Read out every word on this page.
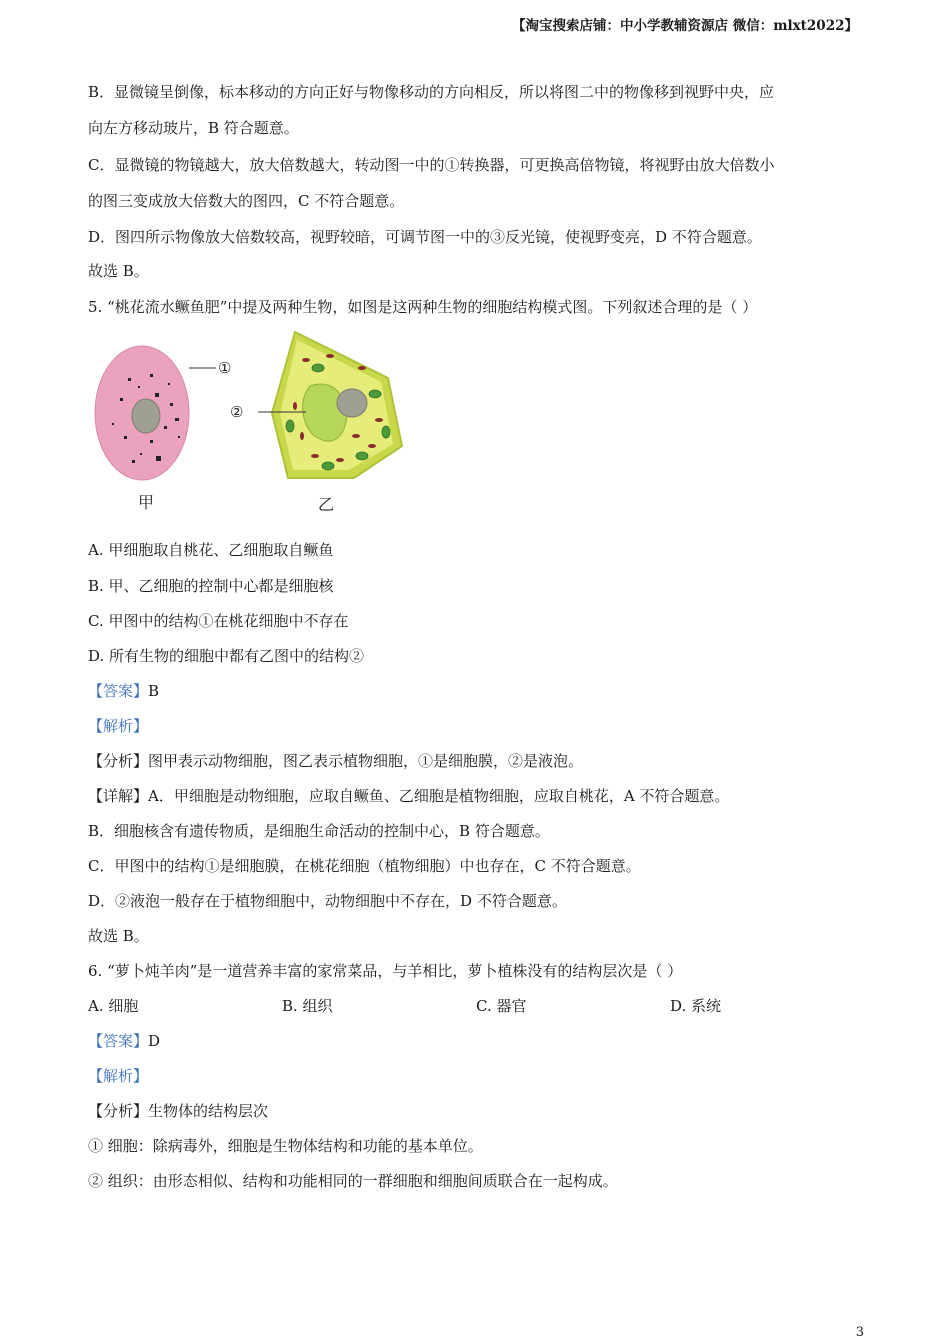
【淘宝搜索店铺：中小学教辅资源店 微信：mlxt2022】
B．显微镜呈倒像，标本移动的方向正好与物像移动的方向相反，所以将图二中的物像移到视野中央，应
向左方移动玻片，B 符合题意。
C．显微镜的物镜越大，放大倍数越大，转动图一中的①转换器，可更换高倍物镜，将视野由放大倍数小
的图三变成放大倍数大的图四，C 不符合题意。
D．图四所示物像放大倍数较高，视野较暗，可调节图一中的③反光镜，使视野变亮，D 不符合题意。
故选 B。
5. “桃花流水鳜鱼肥”中提及两种生物，如图是这两种生物的细胞结构模式图。下列叙述合理的是（ ）
①
甲
②
乙
A. 甲细胞取自桃花、乙细胞取自鳜鱼
B. 甲、乙细胞的控制中心都是细胞核
C. 甲图中的结构①在桃花细胞中不存在
D. 所有生物的细胞中都有乙图中的结构②
【答案】B
【解析】
【分析】图甲表示动物细胞，图乙表示植物细胞，①是细胞膜，②是液泡。
【详解】A．甲细胞是动物细胞，应取自鳜鱼、乙细胞是植物细胞，应取自桃花，A 不符合题意。
B．细胞核含有遗传物质，是细胞生命活动的控制中心，B 符合题意。
C．甲图中的结构①是细胞膜，在桃花细胞（植物细胞）中也存在，C 不符合题意。
D．②液泡一般存在于植物细胞中，动物细胞中不存在，D 不符合题意。
故选 B。
6. “萝卜炖羊肉”是一道营养丰富的家常菜品，与羊相比，萝卜植株没有的结构层次是（ ）
A. 细胞	B. 组织	C. 器官	D. 系统
【答案】D
【解析】
【分析】生物体的结构层次
① 细胞：除病毒外，细胞是生物体结构和功能的基本单位。
② 组织：由形态相似、结构和功能相同的一群细胞和细胞间质联合在一起构成。
3
